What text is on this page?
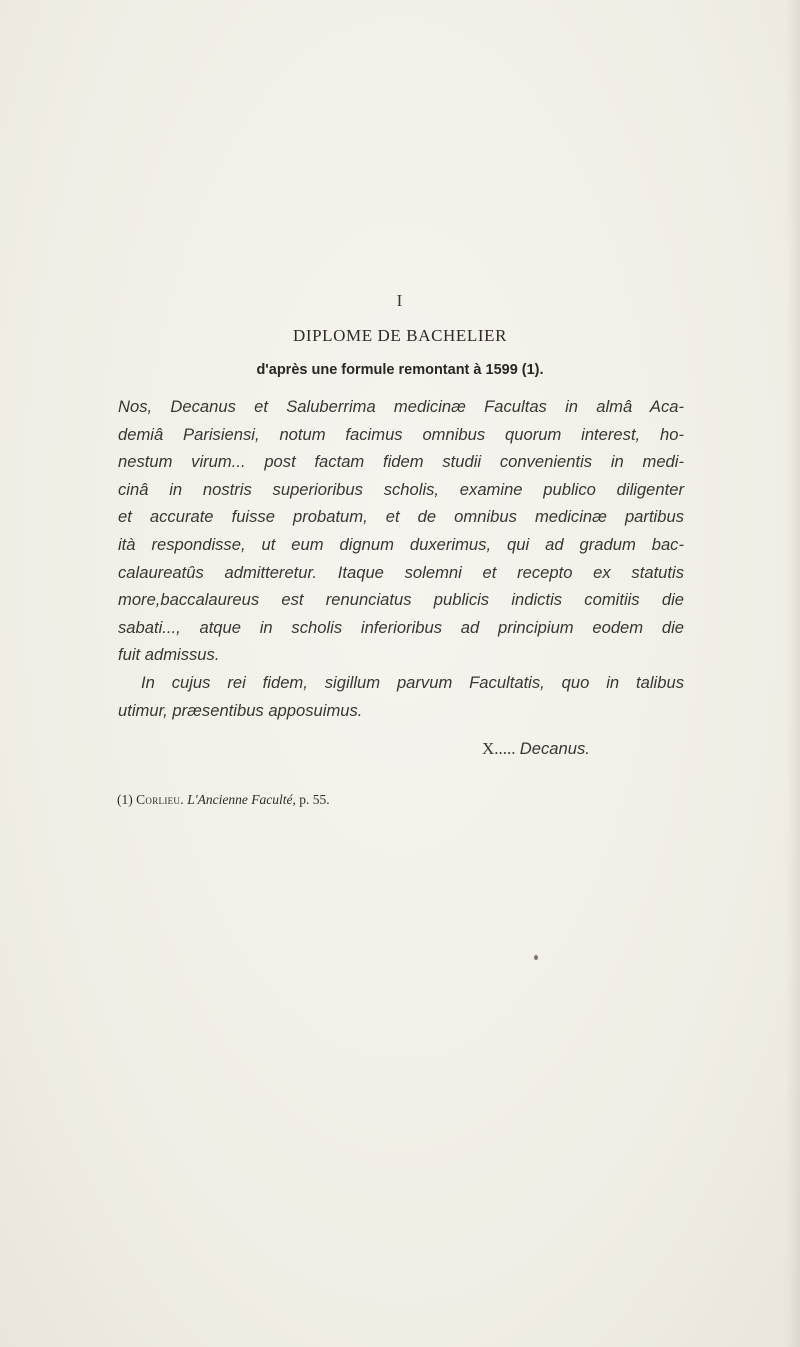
I
DIPLOME DE BACHELIER
d'après une formule remontant à 1599 (1).
Nos, Decanus et Saluberrima medicinæ Facultas in almâ Aca-
demiâ Parisiensi, notum facimus omnibus quorum interest, ho-
nestum virum... post factam fidem studii convenientis in medi-
cinâ in nostris superioribus scholis, examine publico diligenter
et accurate fuisse probatum, et de omnibus medicinæ partibus
ità respondisse, ut eum dignum duxerimus, qui ad gradum bac-
calaureatûs admitteretur. Itaque solemni et recepto ex statutis
more,baccalaureus est renunciatus publicis indictis comitiis die
sabati..., atque in scholis inferioribus ad principium eodem die
fuit admissus.
In cujus rei fidem, sigillum parvum Facultatis, quo in talibus
utimur, præsentibus apposuimus.
X..... Decanus.
(1) Corlieu. L'Ancienne Faculté, p. 55.
